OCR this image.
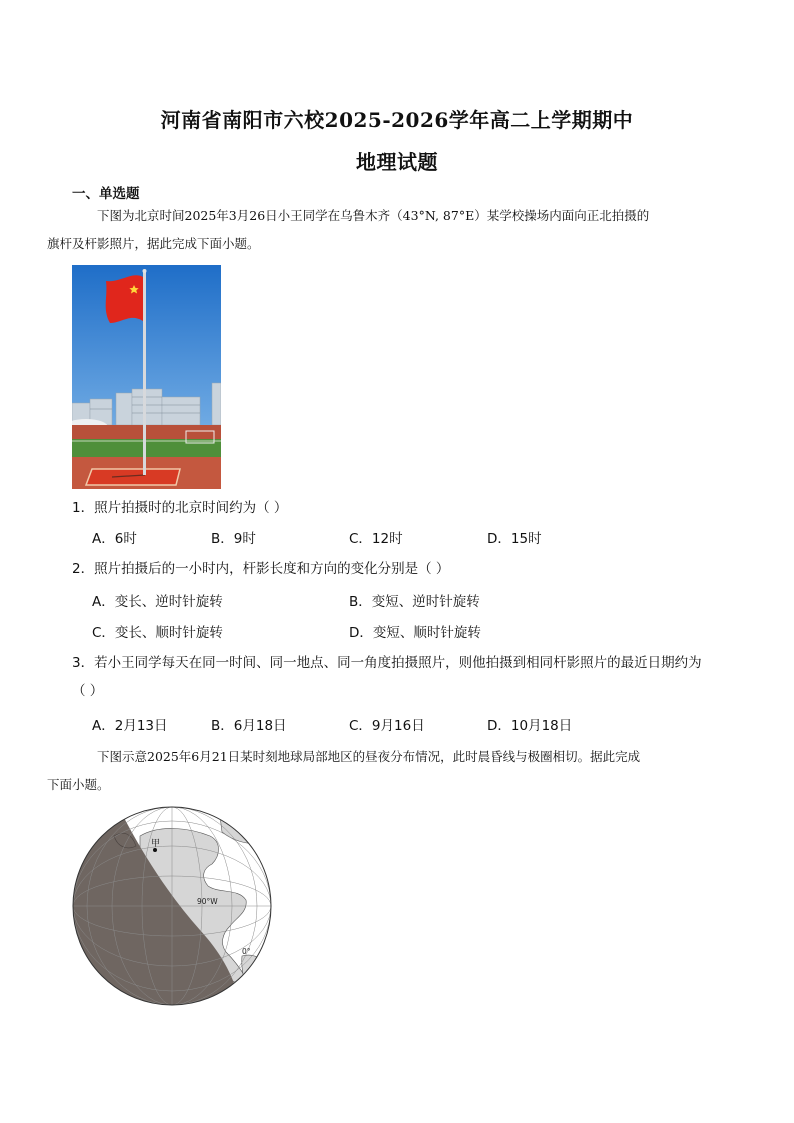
河南省南阳市六校2025-2026学年高二上学期期中
地理试题
一、单选题
下图为北京时间2025年3月26日小王同学在乌鲁木齐（43°N, 87°E）某学校操场内面向正北拍摄的
旗杆及杆影照片，据此完成下面小题。
1．照片拍摄时的北京时间约为（ ）
A．6时	B．9时	C．12时	D．15时
2．照片拍摄后的一小时内，杆影长度和方向的变化分别是（ ）
A．变长、逆时针旋转	B．变短、逆时针旋转
C．变长、顺时针旋转	D．变短、顺时针旋转
3．若小王同学每天在同一时间、同一地点、同一角度拍摄照片，则他拍摄到相同杆影照片的最近日期约为
（ ）
A．2月13日	B．6月18日	C．9月16日	D．10月18日
下图示意2025年6月21日某时刻地球局部地区的昼夜分布情况，此时晨昏线与极圈相切。据此完成
下面小题。
甲
90°W
0°
